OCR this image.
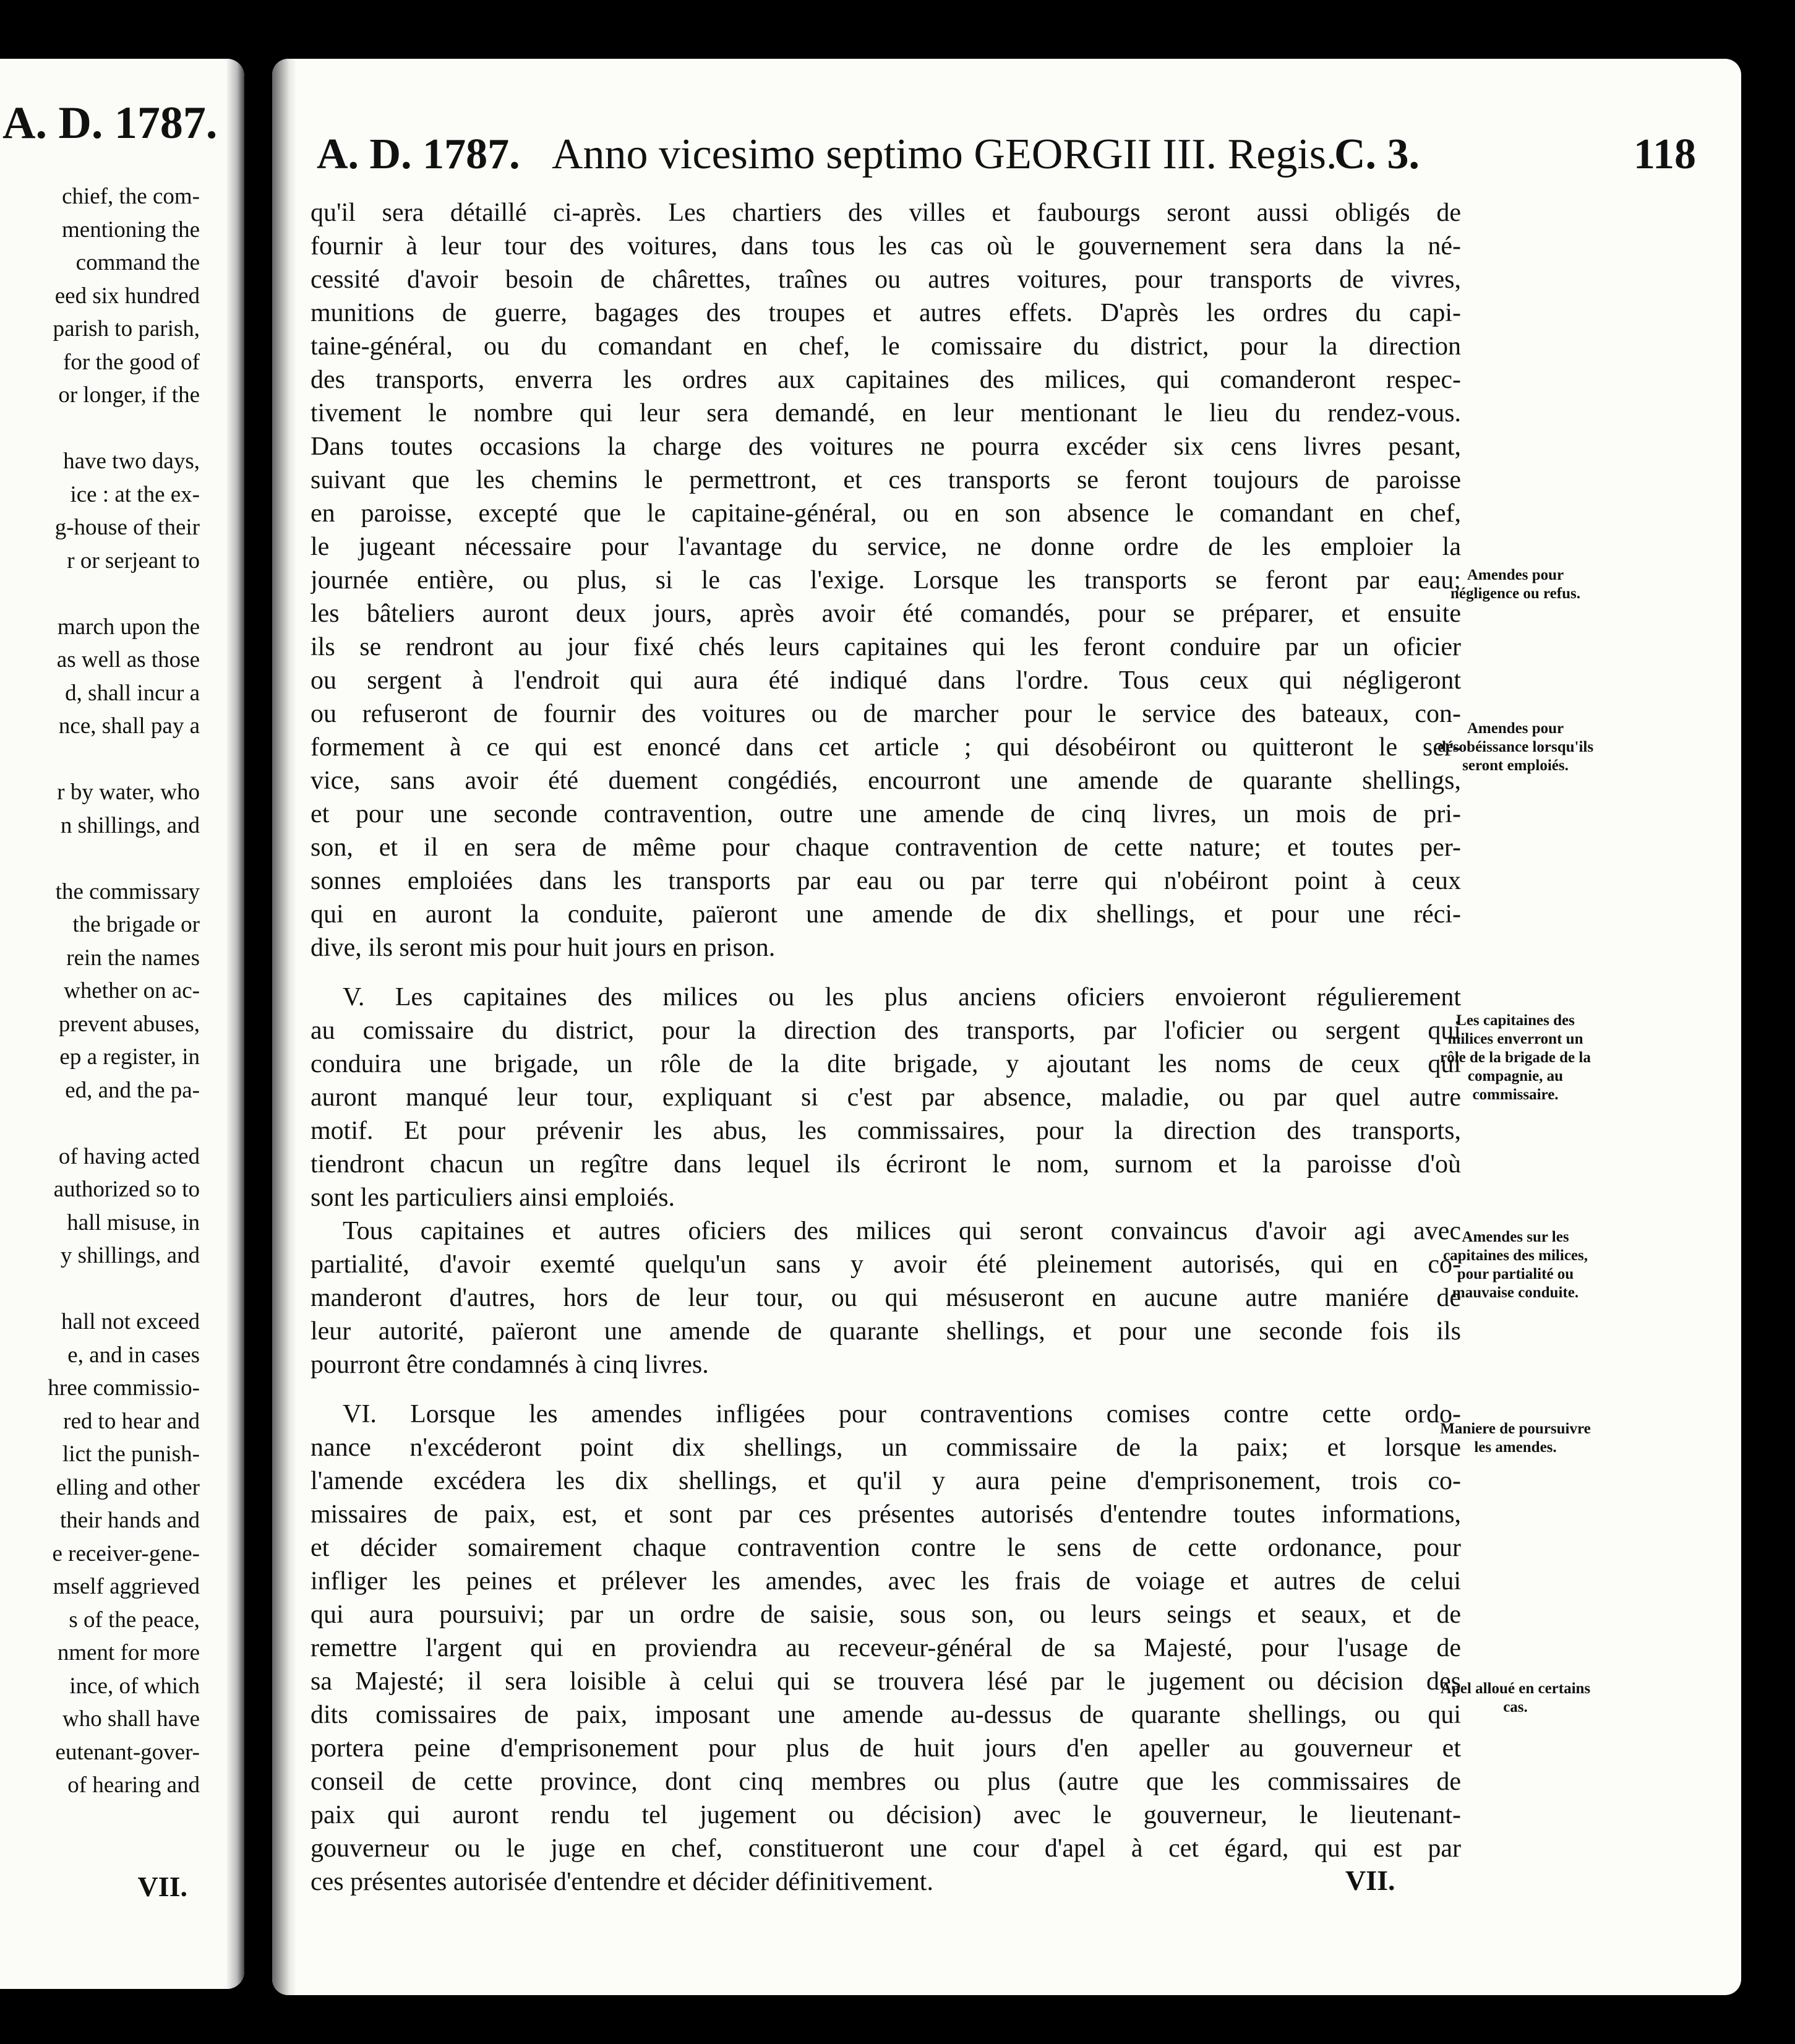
A. D. 1787.
chief, the com-
mentioning the
command the
eed six hundred
parish to parish,
for the good of
or longer, if the
have two days,
ice : at the ex-
g-house of their
r or serjeant to
march upon the
as well as those
d, shall incur a
nce, shall pay a
r by water, who
n shillings, and
the commissary
the brigade or
rein the names
whether on ac-
prevent abuses,
ep a register, in
ed, and the pa-
of having acted
authorized so to
hall misuse, in
y shillings, and
hall not exceed
e, and in cases
hree commissio-
red to hear and
lict the punish-
elling and other
their hands and
e receiver-gene-
mself aggrieved
s of the peace,
nment for more
ince, of which
who shall have
eutenant-gover-
of hearing and
VII.
A. D. 1787. Anno vicesimo septimo GEORGII III. Regis.
C. 3.	118
qu'il sera détaillé ci-après. Les chartiers des villes et faubourgs seront aussi obligés de
fournir à leur tour des voitures, dans tous les cas où le gouvernement sera dans la né-
cessité d'avoir besoin de chârettes, traînes ou autres voitures, pour transports de vivres,
munitions de guerre, bagages des troupes et autres effets. D'après les ordres du capi-
taine-général, ou du comandant en chef, le comissaire du district, pour la direction
des transports, enverra les ordres aux capitaines des milices, qui comanderont respec-
tivement le nombre qui leur sera demandé, en leur mentionant le lieu du rendez-vous.
Dans toutes occasions la charge des voitures ne pourra excéder six cens livres pesant,
suivant que les chemins le permettront, et ces transports se feront toujours de paroisse
en paroisse, excepté que le capitaine-général, ou en son absence le comandant en chef,
le jugeant nécessaire pour l'avantage du service, ne donne ordre de les emploier la
journée entière, ou plus, si le cas l'exige. Lorsque les transports se feront par eau;
les bâteliers auront deux jours, après avoir été comandés, pour se préparer, et ensuite
ils se rendront au jour fixé chés leurs capitaines qui les feront conduire par un oficier
ou sergent à l'endroit qui aura été indiqué dans l'ordre. Tous ceux qui négligeront
ou refuseront de fournir des voitures ou de marcher pour le service des bateaux, con-
formement à ce qui est enoncé dans cet article ; qui désobéiront ou quitteront le ser-
vice, sans avoir été duement congédiés, encourront une amende de quarante shellings,
et pour une seconde contravention, outre une amende de cinq livres, un mois de pri-
son, et il en sera de même pour chaque contravention de cette nature; et toutes per-
sonnes emploiées dans les transports par eau ou par terre qui n'obéiront point à ceux
qui en auront la conduite, païeront une amende de dix shellings, et pour une réci-
dive, ils seront mis pour huit jours en prison.
V. Les capitaines des milices ou les plus anciens oficiers envoieront régulierement
au comissaire du district, pour la direction des transports, par l'oficier ou sergent qui
conduira une brigade, un rôle de la dite brigade, y ajoutant les noms de ceux qui
auront manqué leur tour, expliquant si c'est par absence, maladie, ou par quel autre
motif. Et pour prévenir les abus, les commissaires, pour la direction des transports,
tiendront chacun un regître dans lequel ils écriront le nom, surnom et la paroisse d'où
sont les particuliers ainsi emploiés.
Tous capitaines et autres oficiers des milices qui seront convaincus d'avoir agi avec
partialité, d'avoir exemté quelqu'un sans y avoir été pleinement autorisés, qui en co-
manderont d'autres, hors de leur tour, ou qui mésuseront en aucune autre maniére de
leur autorité, païeront une amende de quarante shellings, et pour une seconde fois ils
pourront être condamnés à cinq livres.
VI. Lorsque les amendes infligées pour contraventions comises contre cette ordo-
nance n'excéderont point dix shellings, un commissaire de la paix; et lorsque
l'amende excédera les dix shellings, et qu'il y aura peine d'emprisonement, trois co-
missaires de paix, est, et sont par ces présentes autorisés d'entendre toutes informations,
et décider somairement chaque contravention contre le sens de cette ordonance, pour
infliger les peines et prélever les amendes, avec les frais de voiage et autres de celui
qui aura poursuivi; par un ordre de saisie, sous son, ou leurs seings et seaux, et de
remettre l'argent qui en proviendra au receveur-général de sa Majesté, pour l'usage de
sa Majesté; il sera loisible à celui qui se trouvera lésé par le jugement ou décision des
dits comissaires de paix, imposant une amende au-dessus de quarante shellings, ou qui
portera peine d'emprisonement pour plus de huit jours d'en apeller au gouverneur et
conseil de cette province, dont cinq membres ou plus (autre que les commissaires de
paix qui auront rendu tel jugement ou décision) avec le gouverneur, le lieutenant-
gouverneur ou le juge en chef, constitueront une cour d'apel à cet égard, qui est par
ces présentes autorisée d'entendre et décider définitivement.
Amendes pour négligence ou refus.
Amendes pour désobéissance lorsqu'ils seront emploiés.
Les capitaines des milices enverront un rôle de la brigade de la compagnie, au commissaire.
Amendes sur les capitaines des milices, pour partialité ou mauvaise conduite.
Maniere de poursuivre les amendes.
Apel alloué en certains cas.
VII.
